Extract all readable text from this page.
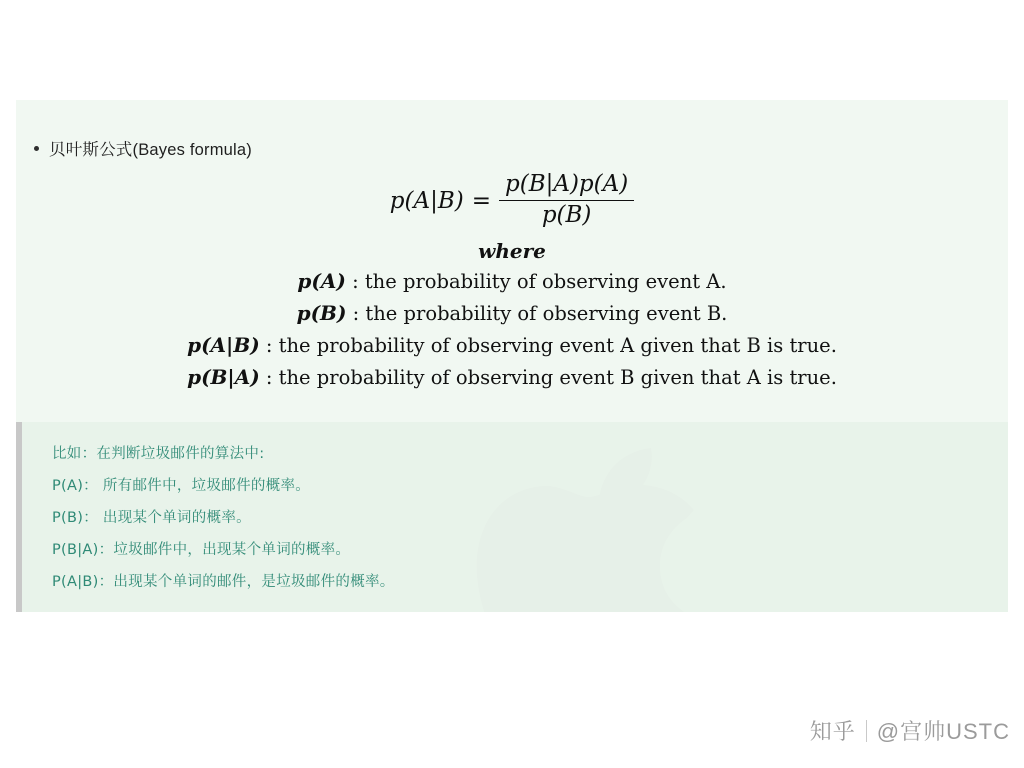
贝叶斯公式(Bayes formula)
$p(A|B) = \frac{p(B|A)p(A)}{p(B)}$
where
p(A) : the probability of observing event A.
p(B) : the probability of observing event B.
p(A|B) : the probability of observing event A given that B is true.
p(B|A) : the probability of observing event B given that A is true.
比如：在判断垃圾邮件的算法中:
P(A)： 所有邮件中，垃圾邮件的概率。
P(B)： 出现某个单词的概率。
P(B|A)：垃圾邮件中，出现某个单词的概率。
P(A|B)：出现某个单词的邮件，是垃圾邮件的概率。
知乎 @宫帅USTC
